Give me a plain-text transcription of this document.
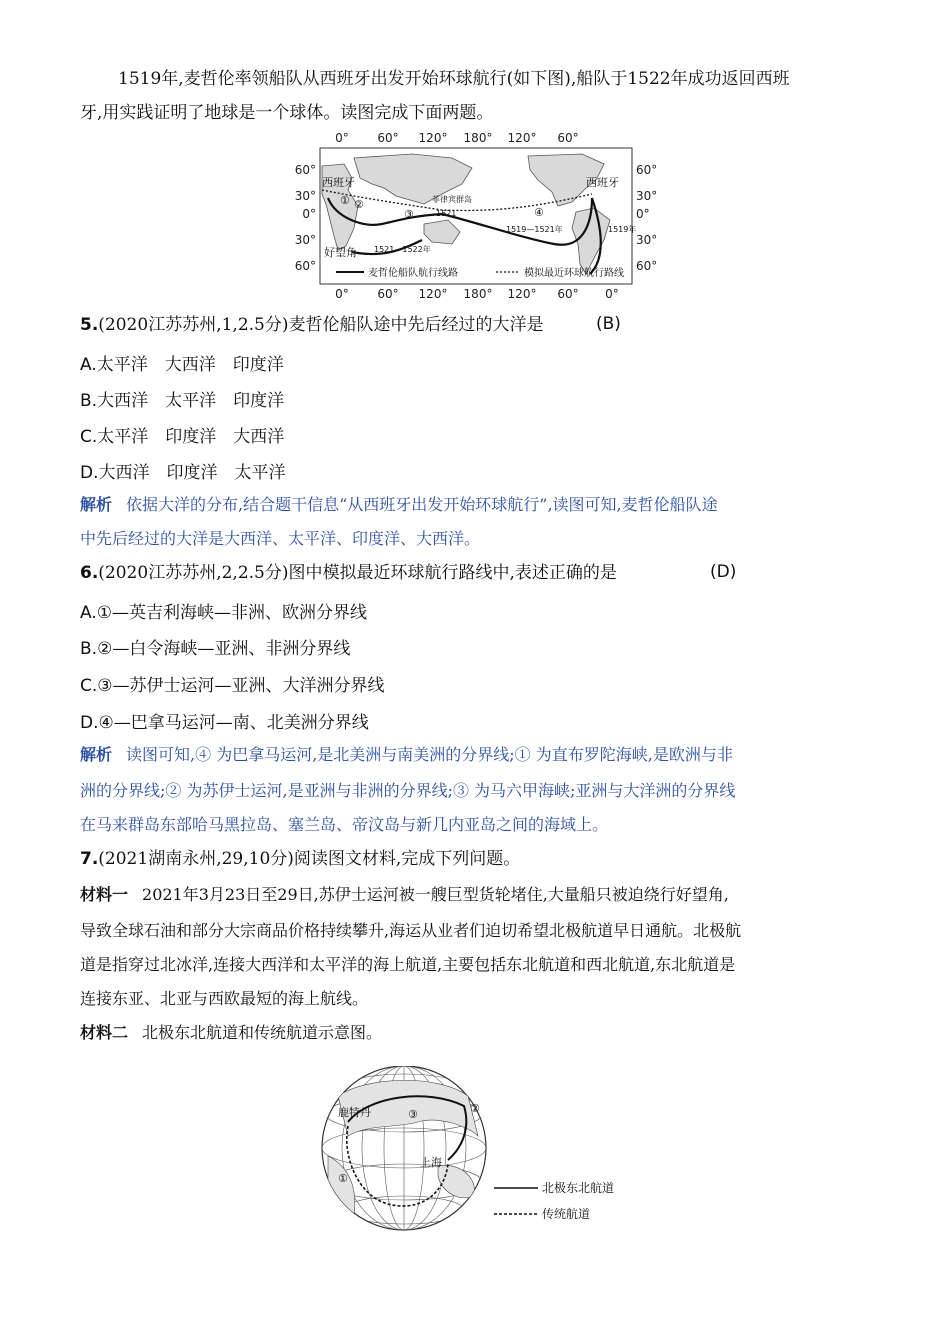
1519年,麦哲伦率领船队从西班牙出发开始环球航行(如下图),船队于1522年成功返回西班
牙,用实践证明了地球是一个球体。读图完成下面两题。
0° 60° 120° 180° 120° 60°
0° 60° 120° 180° 120° 60° 0°
60°
30°
0°
30°
60°
60°
30°
0°
30°
60°
西班牙	西班牙
好望角
菲律宾群岛
1521
1519—1521年
1521—1522年
1519年
① ②
③	④
麦哲伦船队航行线路	模拟最近环球航行路线
5.(2020江苏苏州,1,2.5分)麦哲伦船队途中先后经过的大洋是	(B)
A.太平洋　大西洋　印度洋
B.大西洋　太平洋　印度洋
C.太平洋　印度洋　大西洋
D.大西洋　印度洋　太平洋
解析 依据大洋的分布,结合题干信息“从西班牙出发开始环球航行”,读图可知,麦哲伦船队途
中先后经过的大洋是大西洋、太平洋、印度洋、大西洋。
6.(2020江苏苏州,2,2.5分)图中模拟最近环球航行路线中,表述正确的是	(D)
A.①—英吉利海峡—非洲、欧洲分界线
B.②—白令海峡—亚洲、非洲分界线
C.③—苏伊士运河—亚洲、大洋洲分界线
D.④—巴拿马运河—南、北美洲分界线
解析 读图可知,④ 为巴拿马运河,是北美洲与南美洲的分界线;① 为直布罗陀海峡,是欧洲与非
洲的分界线;② 为苏伊士运河,是亚洲与非洲的分界线;③ 为马六甲海峡;亚洲与大洋洲的分界线
在马来群岛东部哈马黑拉岛、塞兰岛、帝汶岛与新几内亚岛之间的海域上。
7.(2021湖南永州,29,10分)阅读图文材料,完成下列问题。
材料一 2021年3月23日至29日,苏伊士运河被一艘巨型货轮堵住,大量船只被迫绕行好望角,
导致全球石油和部分大宗商品价格持续攀升,海运从业者们迫切希望北极航道早日通航。北极航
道是指穿过北冰洋,连接大西洋和太平洋的海上航道,主要包括东北航道和西北航道,东北航道是
连接东亚、北亚与西欧最短的海上航线。
材料二 北极东北航道和传统航道示意图。
鹿特丹
上海
①
②
③
北极东北航道
传统航道
